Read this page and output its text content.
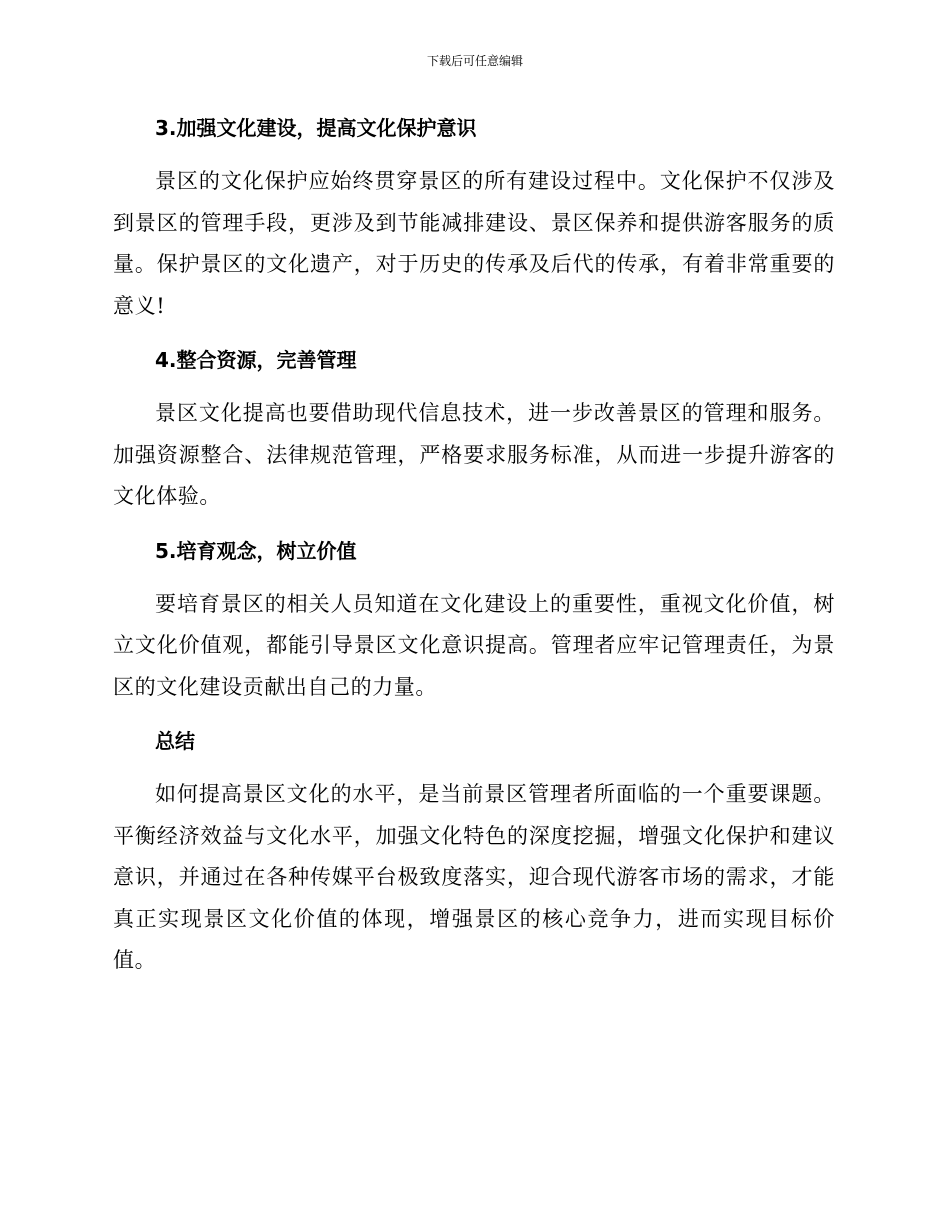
下载后可任意编辑
3.加强文化建设，提高文化保护意识

景区的文化保护应始终贯穿景区的所有建设过程中。文化保护不仅涉及到景区的管理手段，更涉及到节能减排建设、景区保养和提供游客服务的质量。保护景区的文化遗产，对于历史的传承及后代的传承，有着非常重要的意义!

4.整合资源，完善管理

景区文化提高也要借助现代信息技术，进一步改善景区的管理和服务。加强资源整合、法律规范管理，严格要求服务标准，从而进一步提升游客的文化体验。

5.培育观念，树立价值

要培育景区的相关人员知道在文化建设上的重要性，重视文化价值，树立文化价值观，都能引导景区文化意识提高。管理者应牢记管理责任，为景区的文化建设贡献出自己的力量。

总结

如何提高景区文化的水平，是当前景区管理者所面临的一个重要课题。平衡经济效益与文化水平，加强文化特色的深度挖掘，增强文化保护和建议意识，并通过在各种传媒平台极致度落实，迎合现代游客市场的需求，才能真正实现景区文化价值的体现，增强景区的核心竞争力，进而实现目标价值。
